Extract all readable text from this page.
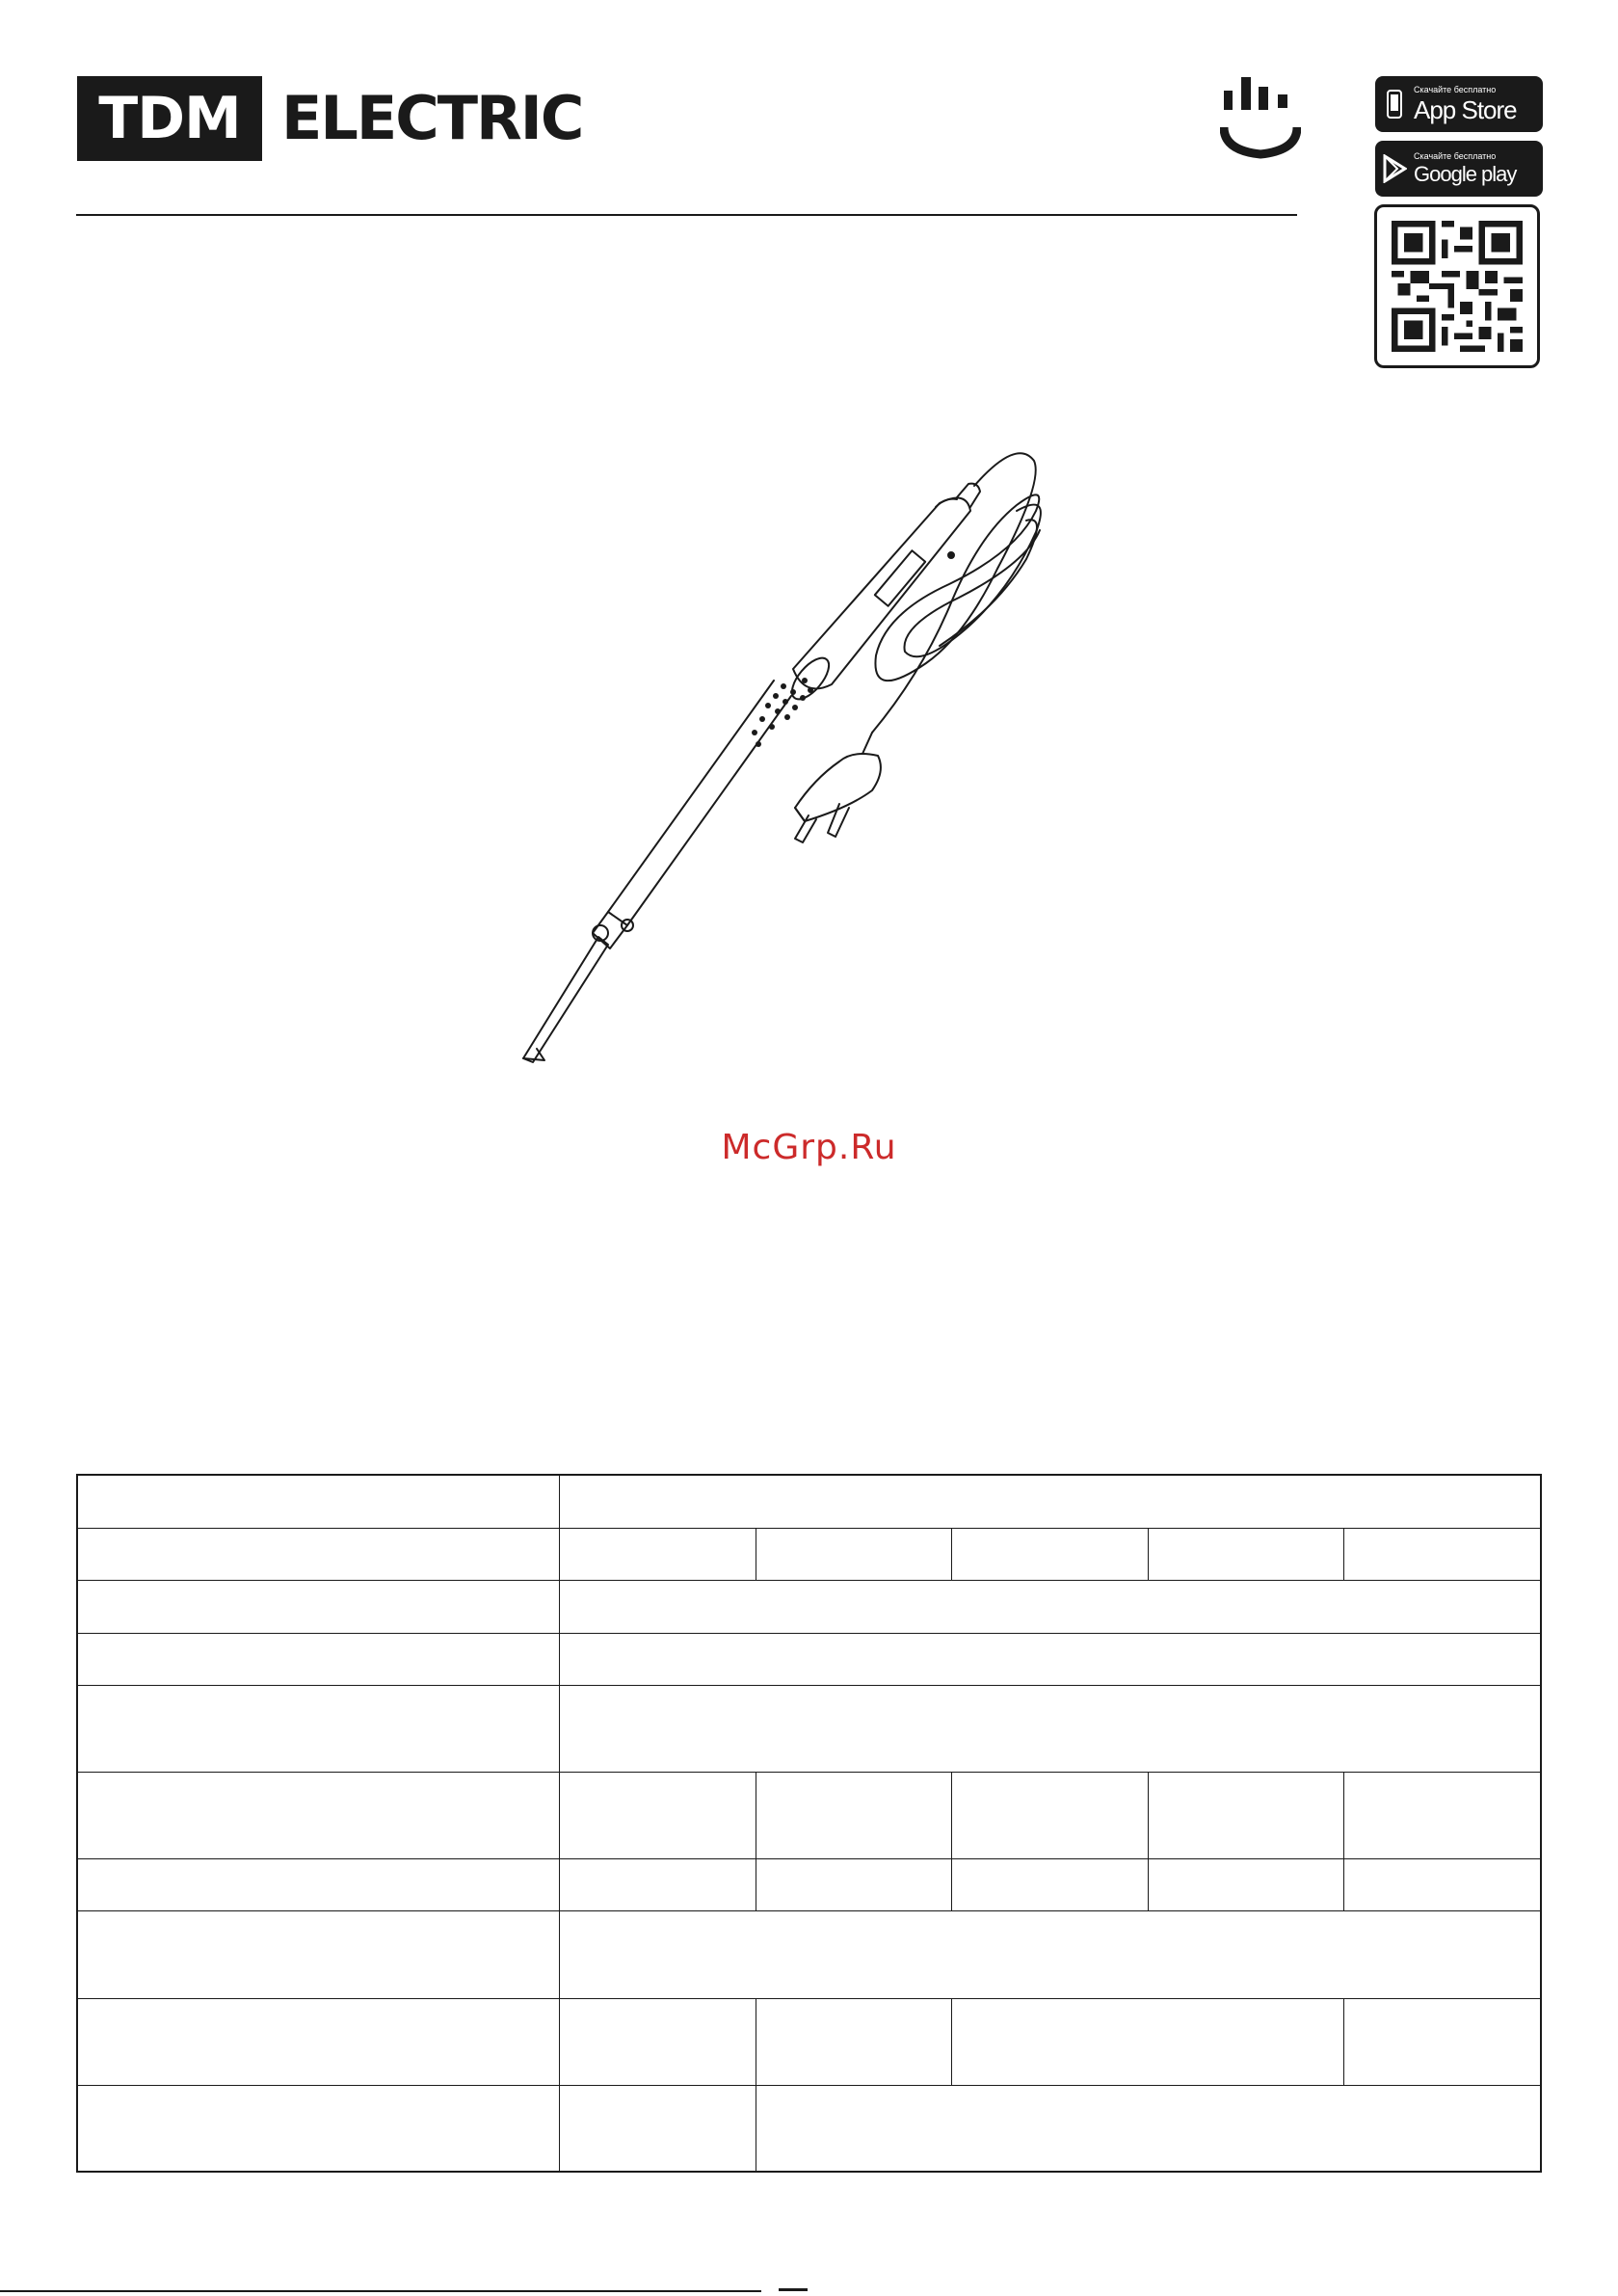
TDM ELECTRIC	Скачайте бесплатно
App Store
Скачайте бесплатно
Google play
McGrp.Ru
